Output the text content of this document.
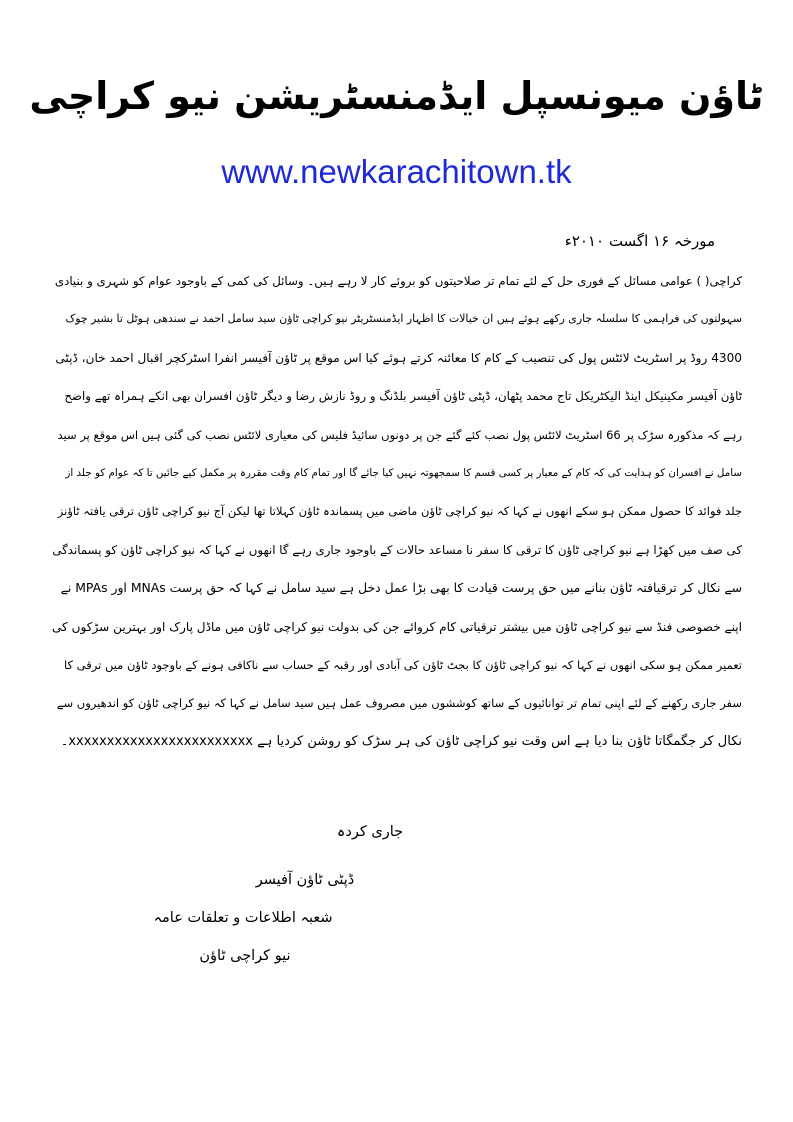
ٹاؤن میونسپل ایڈمنسٹریشن نیو کراچی
www.newkarachitown.tk
مورخہ ۱۶ اگست ۲۰۱۰ء
کراچی( ) عوامی مسائل کے فوری حل کے لئے تمام تر صلاحیتوں کو بروئے کار لا رہے ہیں۔ وسائل کی کمی کے باوجود عوام کو شہری و بنیادی
سہولتوں کی فراہمی کا سلسلہ جاری رکھے ہوئے ہیں ان خیالات کا اظہار ایڈمنسٹریٹر نیو کراچی ٹاؤن سید سامل احمد نے سندھی ہوٹل تا بشیر چوک
4300 روڈ پر اسٹریٹ لائٹس پول کی تنصیب کے کام کا معائنہ کرتے ہوئے کیا اس موقع پر ٹاؤن آفیسر انفرا اسٹرکچر اقبال احمد خان، ڈپٹی
ٹاؤن آفیسر مکینیکل اینڈ الیکٹریکل تاج محمد پٹھان، ڈپٹی ٹاؤن آفیسر بلڈنگ و روڈ نازش رضا و دیگر ٹاؤن افسران بھی انکے ہمراہ تھے واضح
رہے کہ مذکورہ سڑک پر 66 اسٹریٹ لائٹس پول نصب کئے گئے جن پر دونوں سائیڈ فلیس کی معیاری لائٹس نصب کی گئی ہیں اس موقع پر سید
سامل نے افسران کو ہدایت کی کہ کام کے معیار پر کسی قسم کا سمجھوتہ نہیں کیا جائے گا اور تمام کام وقت مقررہ پر مکمل کیے جائیں تا کہ عوام کو جلد از
جلد فوائد کا حصول ممکن ہو سکے انھوں نے کہا کہ نیو کراچی ٹاؤن ماضی میں پسماندہ ٹاؤن کہلاتا تھا لیکن آج نیو کراچی ٹاؤن ترقی یافتہ ٹاؤنز
کی صف میں کھڑا ہے نیو کراچی ٹاؤن کا ترقی کا سفر نا مساعد حالات کے باوجود جاری رہے گا انھوں نے کہا کہ نیو کراچی ٹاؤن کو پسماندگی
سے نکال کر ترقیافتہ ٹاؤن بنانے میں حق پرست قیادت کا بھی بڑا عمل دخل ہے سید سامل نے کہا کہ حق پرست MNAs اور MPAs نے
اپنے خصوصی فنڈ سے نیو کراچی ٹاؤن میں بیشتر ترقیاتی کام کروائے جن کی بدولت نیو کراچی ٹاؤن میں ماڈل پارک اور بہترین سڑکوں کی
تعمیر ممکن ہو سکی انھوں نے کہا کہ نیو کراچی ٹاؤن کا بجٹ ٹاؤن کی آبادی اور رقبہ کے حساب سے ناکافی ہونے کے باوجود ٹاؤن میں ترقی کا
سفر جاری رکھنے کے لئے اپنی تمام تر توانائیوں کے ساتھ کوششوں میں مصروف عمل ہیں سید سامل نے کہا کہ نیو کراچی ٹاؤن کو اندھیروں سے
نکال کر جگمگاتا ٹاؤن بنا دیا ہے اس وقت نیو کراچی ٹاؤن کی ہر سڑک کو روشن کردیا ہے xxxxxxxxxxxxxxxxxxxxxxxx۔
جاری کردہ
ڈپٹی ٹاؤن آفیسر
شعبہ اطلاعات و تعلقات عامہ
نیو کراچی ٹاؤن
